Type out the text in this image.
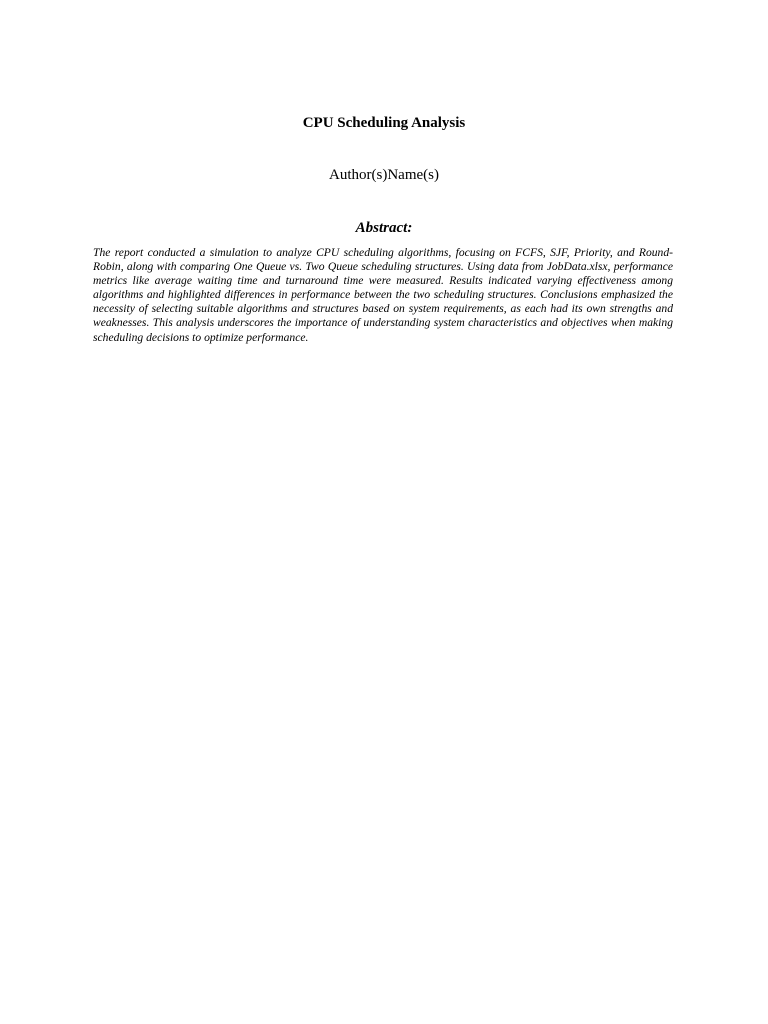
CPU Scheduling Analysis

Author(s)Name(s)

Abstract:

The report conducted a simulation to analyze CPU scheduling algorithms, focusing on FCFS, SJF, Priority, and Round-Robin, along with comparing One Queue vs. Two Queue scheduling structures. Using data from JobData.xlsx, performance metrics like average waiting time and turnaround time were measured. Results indicated varying effectiveness among algorithms and highlighted differences in performance between the two scheduling structures. Conclusions emphasized the necessity of selecting suitable algorithms and structures based on system requirements, as each had its own strengths and weaknesses. This analysis underscores the importance of understanding system characteristics and objectives when making scheduling decisions to optimize performance.
